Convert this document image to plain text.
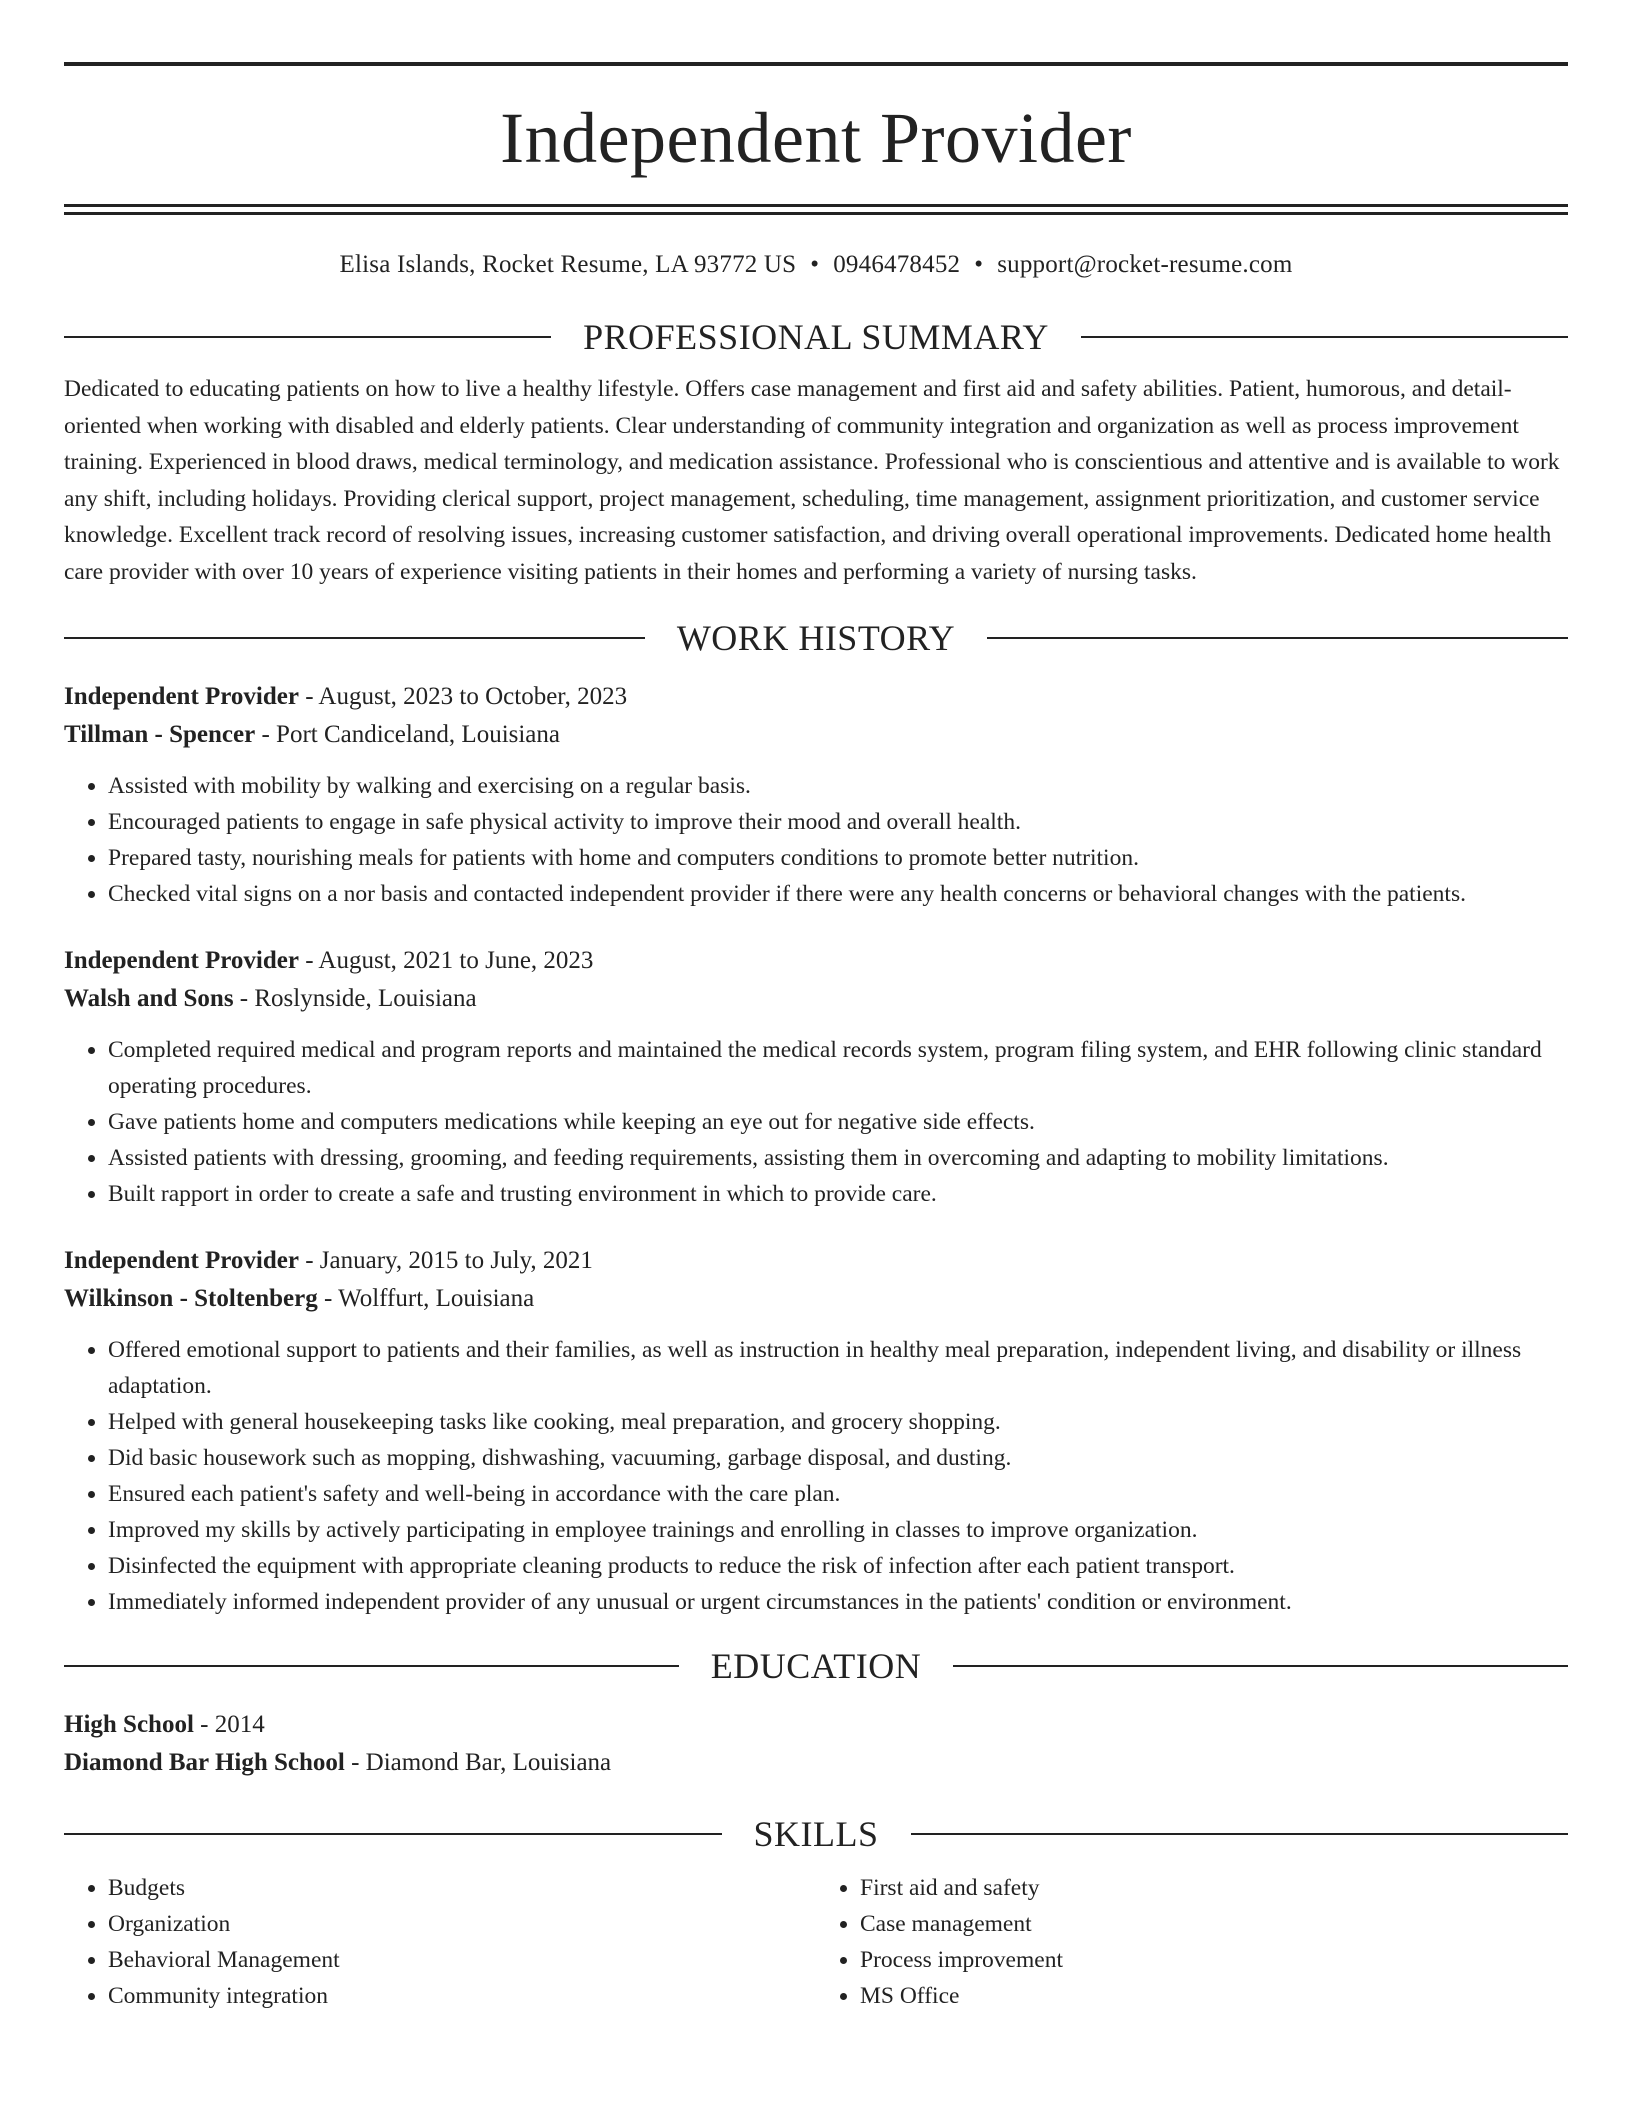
Independent Provider
Elisa Islands, Rocket Resume, LA 93772 US • 0946478452 • support@rocket-resume.com
PROFESSIONAL SUMMARY
Dedicated to educating patients on how to live a healthy lifestyle. Offers case management and first aid and safety abilities. Patient, humorous, and detail-oriented when working with disabled and elderly patients. Clear understanding of community integration and organization as well as process improvement training. Experienced in blood draws, medical terminology, and medication assistance. Professional who is conscientious and attentive and is available to work any shift, including holidays. Providing clerical support, project management, scheduling, time management, assignment prioritization, and customer service knowledge. Excellent track record of resolving issues, increasing customer satisfaction, and driving overall operational improvements. Dedicated home health care provider with over 10 years of experience visiting patients in their homes and performing a variety of nursing tasks.
WORK HISTORY
Independent Provider - August, 2023 to October, 2023
Tillman - Spencer - Port Candiceland, Louisiana
• Assisted with mobility by walking and exercising on a regular basis.
• Encouraged patients to engage in safe physical activity to improve their mood and overall health.
• Prepared tasty, nourishing meals for patients with home and computers conditions to promote better nutrition.
• Checked vital signs on a nor basis and contacted independent provider if there were any health concerns or behavioral changes with the patients.
Independent Provider - August, 2021 to June, 2023
Walsh and Sons - Roslynside, Louisiana
• Completed required medical and program reports and maintained the medical records system, program filing system, and EHR following clinic standard operating procedures.
• Gave patients home and computers medications while keeping an eye out for negative side effects.
• Assisted patients with dressing, grooming, and feeding requirements, assisting them in overcoming and adapting to mobility limitations.
• Built rapport in order to create a safe and trusting environment in which to provide care.
Independent Provider - January, 2015 to July, 2021
Wilkinson - Stoltenberg - Wolffurt, Louisiana
• Offered emotional support to patients and their families, as well as instruction in healthy meal preparation, independent living, and disability or illness adaptation.
• Helped with general housekeeping tasks like cooking, meal preparation, and grocery shopping.
• Did basic housework such as mopping, dishwashing, vacuuming, garbage disposal, and dusting.
• Ensured each patient's safety and well-being in accordance with the care plan.
• Improved my skills by actively participating in employee trainings and enrolling in classes to improve organization.
• Disinfected the equipment with appropriate cleaning products to reduce the risk of infection after each patient transport.
• Immediately informed independent provider of any unusual or urgent circumstances in the patients' condition or environment.
EDUCATION
High School - 2014
Diamond Bar High School - Diamond Bar, Louisiana
SKILLS
• Budgets
• Organization
• Behavioral Management
• Community integration
• First aid and safety
• Case management
• Process improvement
• MS Office
